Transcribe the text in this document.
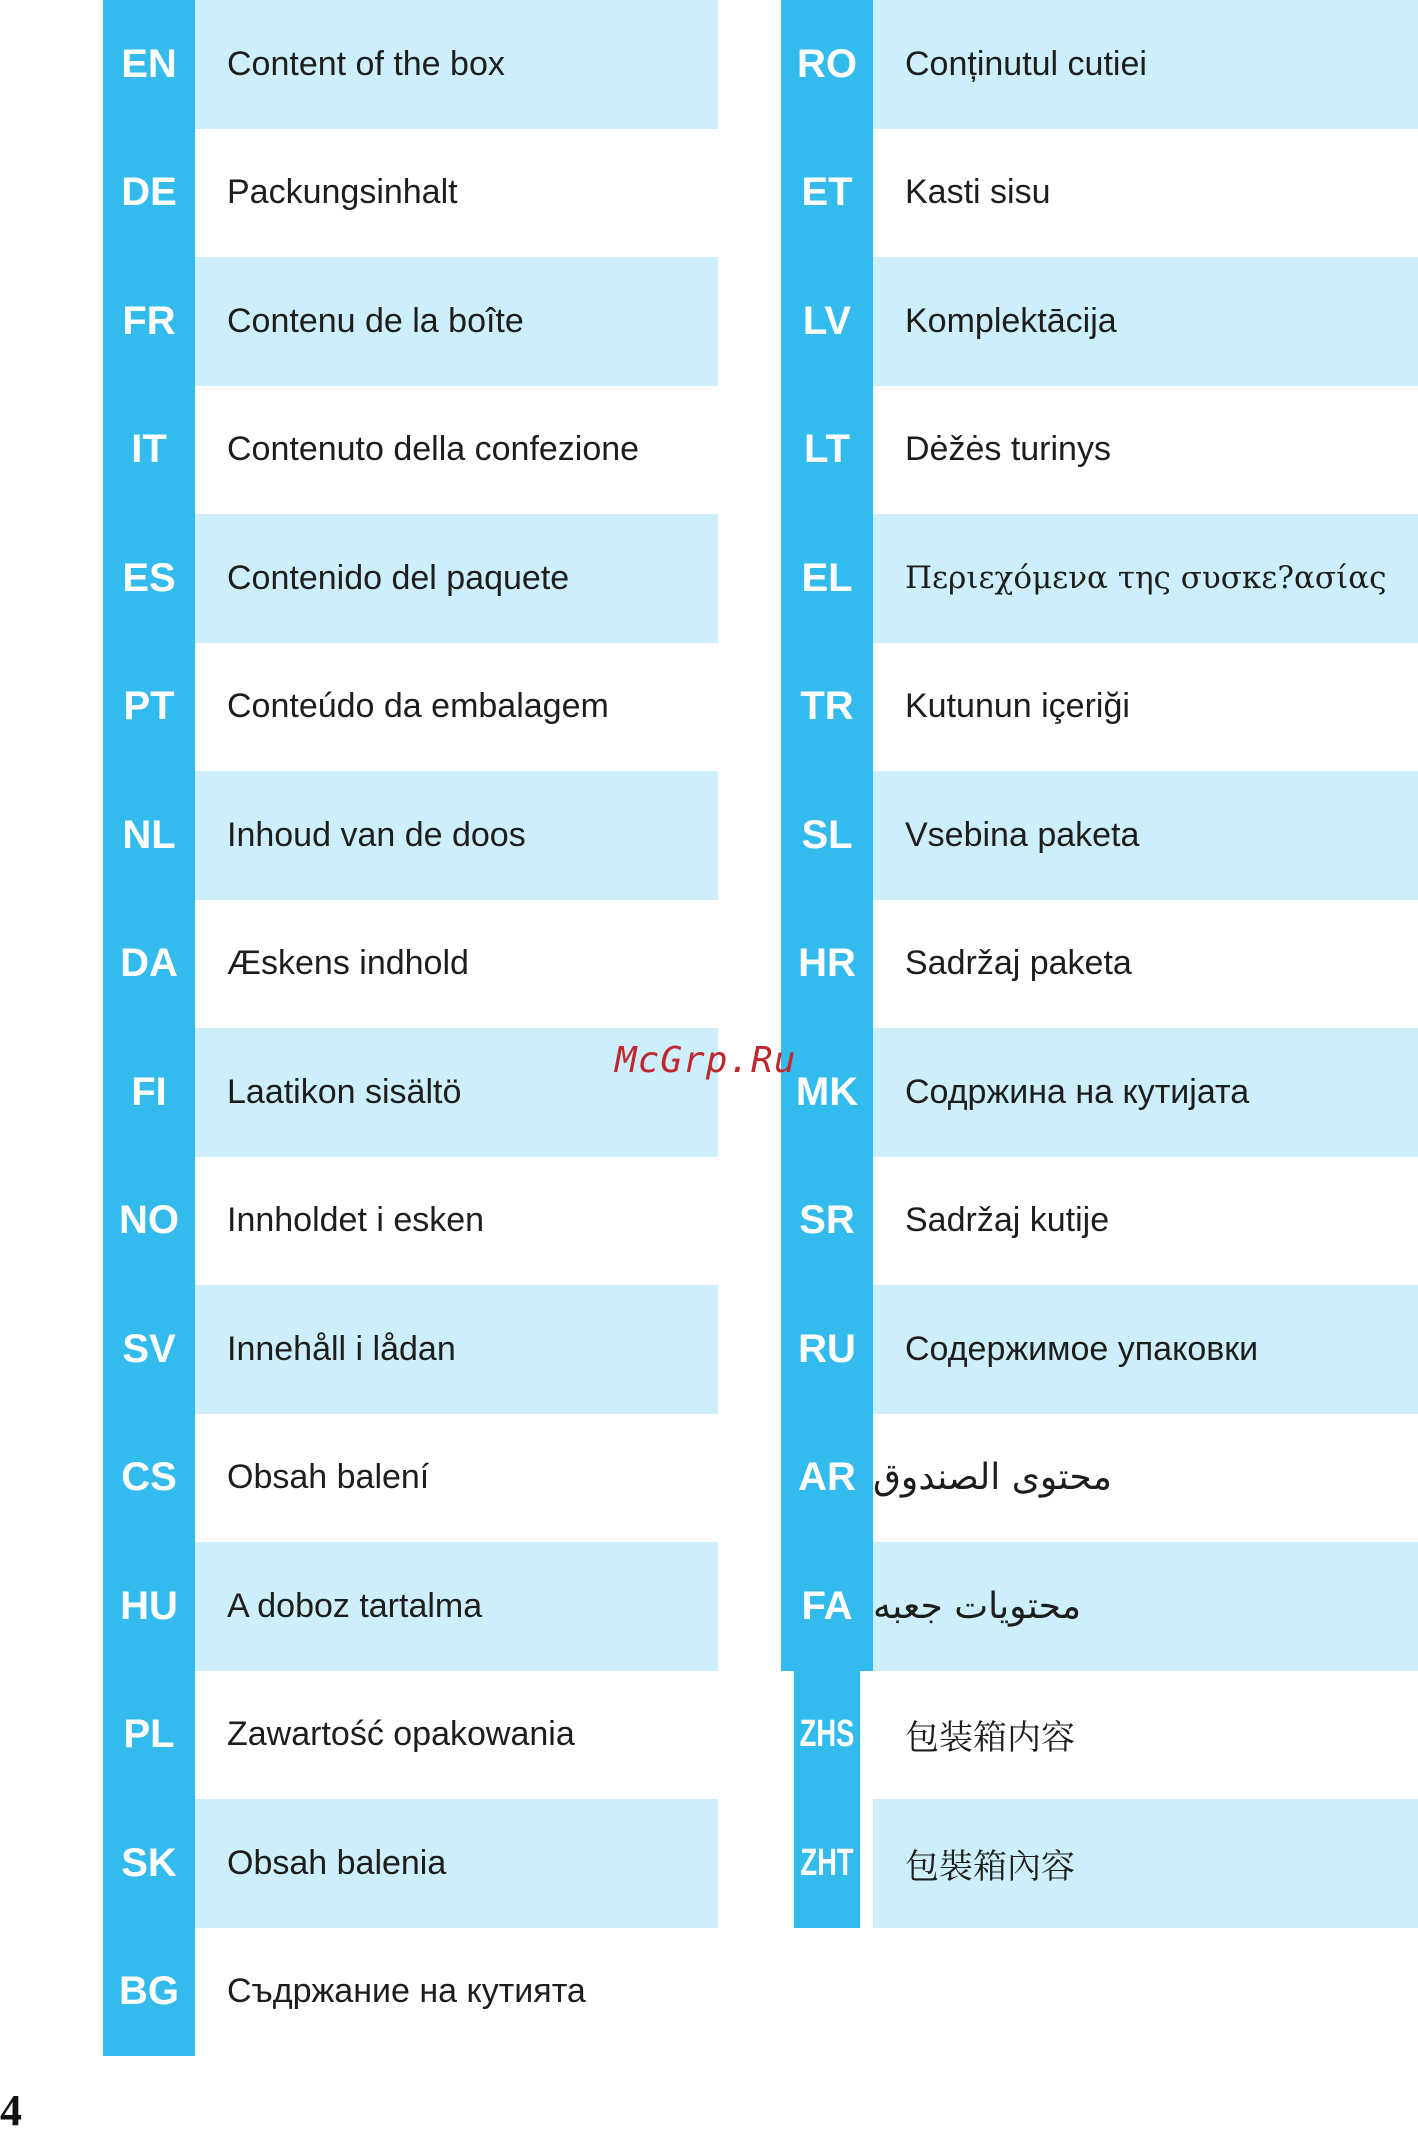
EN	Content of the box
DE	Packungsinhalt
FR	Contenu de la boîte
IT	Contenuto della confezione
ES	Contenido del paquete
PT	Conteúdo da embalagem
NL	Inhoud van de doos
DA	Æskens indhold
FI	Laatikon sisältö
NO	Innholdet i esken
SV	Innehåll i lådan
CS	Obsah balení
HU	A doboz tartalma
PL	Zawartość opakowania
SK	Obsah balenia
BG	Съдржание на кутията
RO	Conținutul cutiei
ET	Kasti sisu
LV	Komplektācija
LT	Dėžės turinys
EL	Περιεχόμενα της συσκε?ασίας
TR	Kutunun içeriği
SL	Vsebina paketa
HR	Sadržaj paketa
MK	Содржина на кутијата
SR	Sadržaj kutije
RU	Содержимое упаковки
AR محتوى الصندوق
FA محتويات جعبه
ZHS	包装箱内容
ZHT	包裝箱內容
McGrp.Ru
4
